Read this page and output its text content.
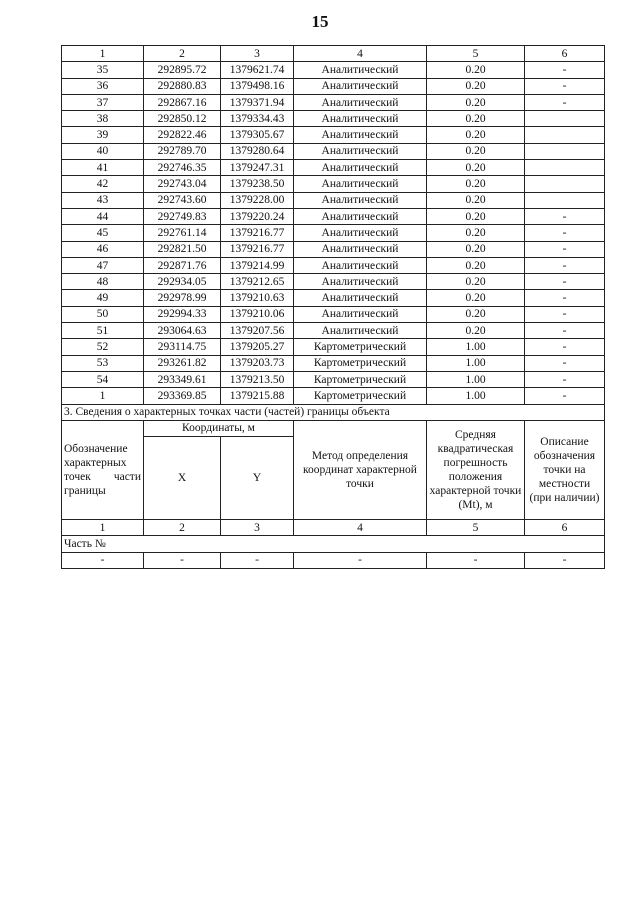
15
1	2	3	4	5	6
35	292895.72	1379621.74	Аналитический	0.20	-
36	292880.83	1379498.16	Аналитический	0.20	-
37	292867.16	1379371.94	Аналитический	0.20	-
38	292850.12	1379334.43	Аналитический	0.20	
39	292822.46	1379305.67	Аналитический	0.20	
40	292789.70	1379280.64	Аналитический	0.20	
41	292746.35	1379247.31	Аналитический	0.20	
42	292743.04	1379238.50	Аналитический	0.20	
43	292743.60	1379228.00	Аналитический	0.20	
44	292749.83	1379220.24	Аналитический	0.20	-
45	292761.14	1379216.77	Аналитический	0.20	-
46	292821.50	1379216.77	Аналитический	0.20	-
47	292871.76	1379214.99	Аналитический	0.20	-
48	292934.05	1379212.65	Аналитический	0.20	-
49	292978.99	1379210.63	Аналитический	0.20	-
50	292994.33	1379210.06	Аналитический	0.20	-
51	293064.63	1379207.56	Аналитический	0.20	-
52	293114.75	1379205.27	Картометрический	1.00	-
53	293261.82	1379203.73	Картометрический	1.00	-
54	293349.61	1379213.50	Картометрический	1.00	-
1	293369.85	1379215.88	Картометрический	1.00	-
3. Сведения о характерных точках части (частей) границы объекта					
Обозначение характерных точек части границы	Координаты, м		Метод определения координат характерной точки	Средняя квадратическая погрешность положения характерной точки (Mt), м	Описание обозначения точки на местности (при наличии)
	X	Y			
1	2	3	4	5	6
Часть №					
-	-	-	-	-	-
